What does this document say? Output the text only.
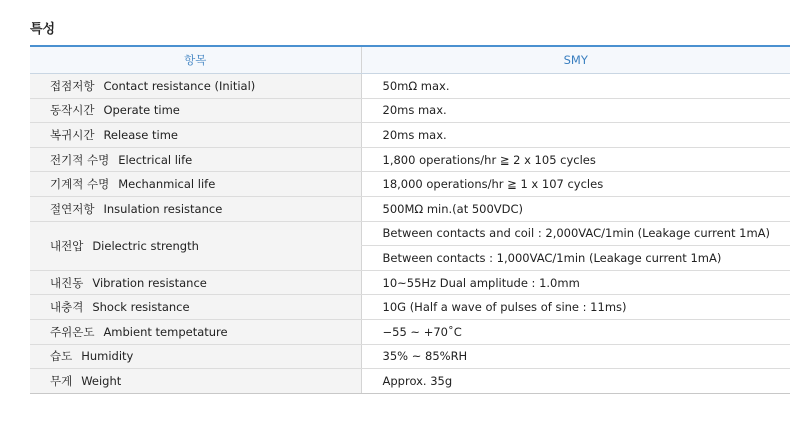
특성
항목	SMY
접점저항 Contact resistance (Initial)	50mΩ max.
동작시간 Operate time	20ms max.
복귀시간 Release time	20ms max.
전기적 수명 Electrical life	1,800 operations/hr ≧ 2 x 105 cycles
기계적 수명 Mechanmical life	18,000 operations/hr ≧ 1 x 107 cycles
절연저항 Insulation resistance	500MΩ min.(at 500VDC)
내전압 Dielectric strength	Between contacts and coil : 2,000VAC/1min (Leakage current 1mA)
	Between contacts : 1,000VAC/1min (Leakage current 1mA)
내진동 Vibration resistance	10~55Hz Dual amplitude : 1.0mm
내충격 Shock resistance	10G (Half a wave of pulses of sine : 11ms)
주위온도 Ambient tempetature	−55 ~ +70˚C
습도 Humidity	35% ~ 85%RH
무게 Weight	Approx. 35g
